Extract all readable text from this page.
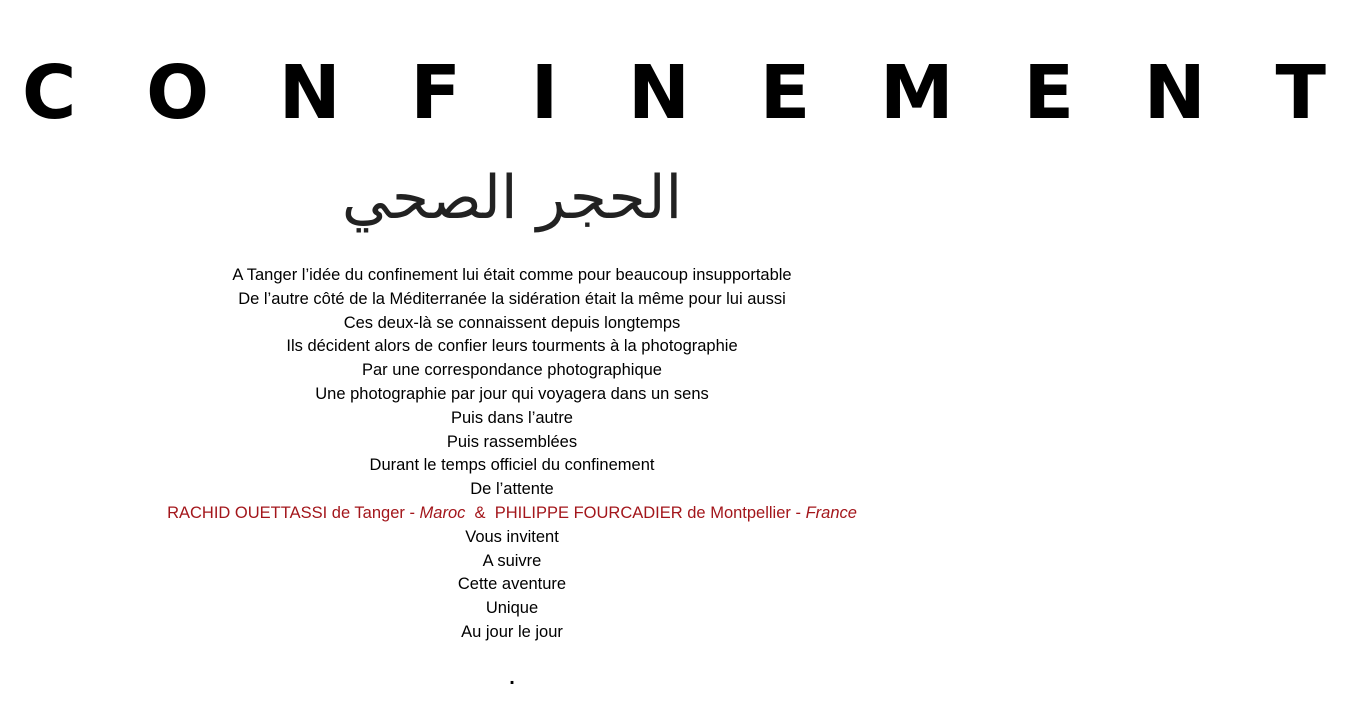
C O N F I N E M E N T
الحجر الصحي
A Tanger l’idée du confinement lui était comme pour beaucoup insupportable
De l’autre côté de la Méditerranée la sidération était la même pour lui aussi
Ces deux-là se connaissent depuis longtemps
Ils décident alors de confier leurs tourments à la photographie
Par une correspondance photographique
Une photographie par jour qui voyagera dans un sens
Puis dans l’autre
Puis rassemblées
Durant le temps officiel du confinement
De l’attente
RACHID OUETTASSI de Tanger - Maroc  &  PHILIPPE FOURCADIER de Montpellier - France
Vous invitent
A suivre
Cette aventure
Unique
Au jour le jour
.
